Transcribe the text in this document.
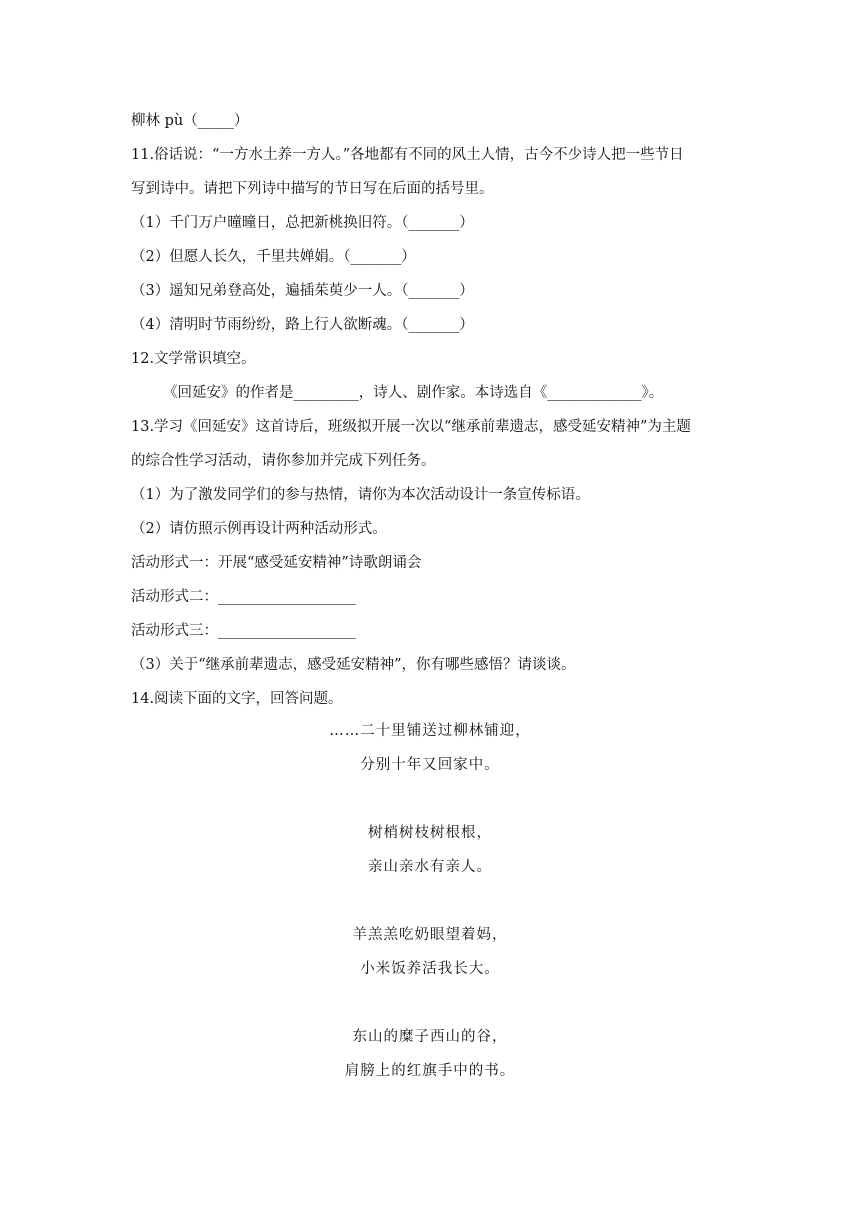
柳林 pù（_____）
11.俗话说：“一方水土养一方人。”各地都有不同的风土人情，古今不少诗人把一些节日
写到诗中。请把下列诗中描写的节日写在后面的括号里。
（1）千门万户曈曈日，总把新桃换旧符。（_______）
（2）但愿人长久，千里共婵娟。（_______）
（3）遥知兄弟登高处，遍插茱萸少一人。（_______）
（4）清明时节雨纷纷，路上行人欲断魂。（_______）
12.文学常识填空。
《回延安》的作者是_________，诗人、剧作家。本诗选自《_____________》。
13.学习《回延安》这首诗后，班级拟开展一次以“继承前辈遗志，感受延安精神”为主题
的综合性学习活动，请你参加并完成下列任务。
（1）为了激发同学们的参与热情，请你为本次活动设计一条宣传标语。
（2）请仿照示例再设计两种活动形式。
活动形式一：开展“感受延安精神”诗歌朗诵会
活动形式二：___________________
活动形式三：___________________
（3）关于“继承前辈遗志，感受延安精神”，你有哪些感悟？请谈谈。
14.阅读下面的文字，回答问题。
……二十里铺送过柳林铺迎，
分别十年又回家中。
树梢树枝树根根，
亲山亲水有亲人。
羊羔羔吃奶眼望着妈，
小米饭养活我长大。
东山的糜子西山的谷，
肩膀上的红旗手中的书。
